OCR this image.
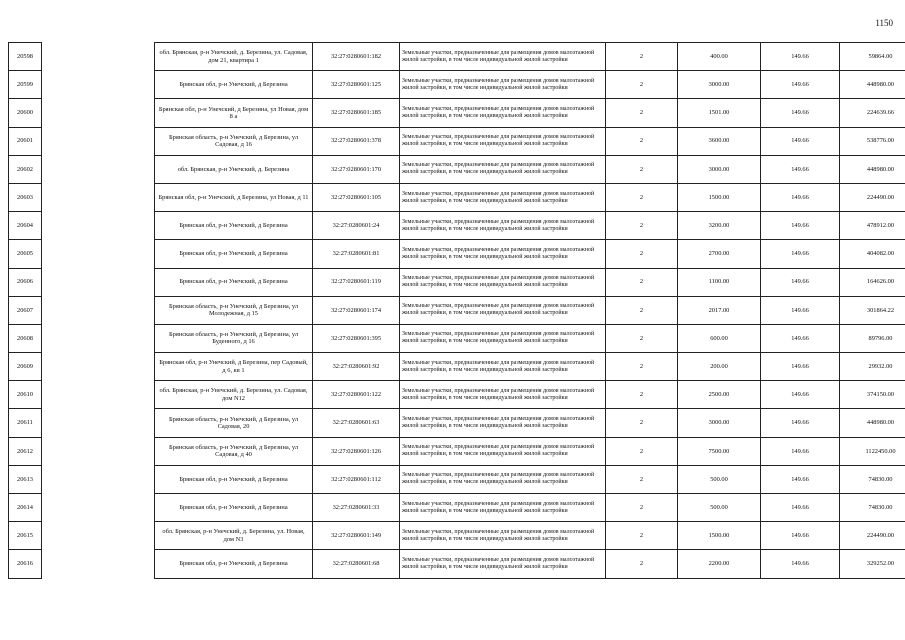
1150
20598		обл. Брянская, р-н Унечский, д. Березина, ул. Садовая, дом 21, квартира 1	32:27:0280601:182	Земельные участки, предназначенные для размещения домов малоэтажной жилой застройки, в том числе индивидуальной жилой застройки	2	400.00	149.66	59864.00
20599		Брянская обл, р-н Унечский, д Березина	32:27:0280601:125	Земельные участки, предназначенные для размещения домов малоэтажной жилой застройки, в том числе индивидуальной жилой застройки	2	3000.00	149.66	448980.00
20600		Брянская обл, р-н Унечский, д Березина, ул Новая, дом 8 а	32:27:0280601:185	Земельные участки, предназначенные для размещения домов малоэтажной жилой застройки, в том числе индивидуальной жилой застройки	2	1501.00	149.66	224639.66
20601		Брянская область, р-н Унечский, д Березина, ул Садовая, д 16	32:27:0280601:378	Земельные участки, предназначенные для размещения домов малоэтажной жилой застройки, в том числе индивидуальной жилой застройки	2	3600.00	149.66	538776.00
20602		обл. Брянская, р-н Унечский, д. Березина	32:27:0280601:170	Земельные участки, предназначенные для размещения домов малоэтажной жилой застройки, в том числе индивидуальной жилой застройки	2	3000.00	149.66	448980.00
20603		Брянская обл, р-н Унечский, д Березина, ул Новая, д 11	32:27:0280601:105	Земельные участки, предназначенные для размещения домов малоэтажной жилой застройки, в том числе индивидуальной жилой застройки	2	1500.00	149.66	224490.00
20604		Брянская обл, р-н Унечский, д Березина	32:27:0280601:24	Земельные участки, предназначенные для размещения домов малоэтажной жилой застройки, в том числе индивидуальной жилой застройки	2	3200.00	149.66	478912.00
20605		Брянская обл, р-н Унечский, д Березина	32:27:0280601:81	Земельные участки, предназначенные для размещения домов малоэтажной жилой застройки, в том числе индивидуальной жилой застройки	2	2700.00	149.66	404082.00
20606		Брянская обл, р-н Унечский, д Березина	32:27:0280601:119	Земельные участки, предназначенные для размещения домов малоэтажной жилой застройки, в том числе индивидуальной жилой застройки	2	1100.00	149.66	164626.00
20607		Брянская область, р-н Унечский, д Березина, ул Молодежная, д 15	32:27:0280601:174	Земельные участки, предназначенные для размещения домов малоэтажной жилой застройки, в том числе индивидуальной жилой застройки	2	2017.00	149.66	301864.22
20608		Брянская область, р-н Унечский, д Березина, ул Буденного, д 16	32:27:0280601:395	Земельные участки, предназначенные для размещения домов малоэтажной жилой застройки, в том числе индивидуальной жилой застройки	2	600.00	149.66	89796.00
20609		Брянская обл, р-н Унечский, д Березина, пер Садовый, д 6, кв 1	32:27:0280601:92	Земельные участки, предназначенные для размещения домов малоэтажной жилой застройки, в том числе индивидуальной жилой застройки	2	200.00	149.66	29932.00
20610		обл. Брянская, р-н Унечский, д. Березина, ул. Садовая, дом N12	32:27:0280601:122	Земельные участки, предназначенные для размещения домов малоэтажной жилой застройки, в том числе индивидуальной жилой застройки	2	2500.00	149.66	374150.00
20611		Брянская область, р-н Унечский, д Березина, ул Садовая, 20	32:27:0280601:63	Земельные участки, предназначенные для размещения домов малоэтажной жилой застройки, в том числе индивидуальной жилой застройки	2	3000.00	149.66	448980.00
20612		Брянская область, р-н Унечский, д Березина, ул Садовая, д 40	32:27:0280601:126	Земельные участки, предназначенные для размещения домов малоэтажной жилой застройки, в том числе индивидуальной жилой застройки	2	7500.00	149.66	1122450.00
20613		Брянская обл, р-н Унечский, д Березина	32:27:0280601:112	Земельные участки, предназначенные для размещения домов малоэтажной жилой застройки, в том числе индивидуальной жилой застройки	2	500.00	149.66	74830.00
20614		Брянская обл, р-н Унечский, д Березина	32:27:0280601:33	Земельные участки, предназначенные для размещения домов малоэтажной жилой застройки, в том числе индивидуальной жилой застройки	2	500.00	149.66	74830.00
20615		обл. Брянская, р-н Унечский, д. Березина, ул. Новая, дом N3	32:27:0280601:149	Земельные участки, предназначенные для размещения домов малоэтажной жилой застройки, в том числе индивидуальной жилой застройки	2	1500.00	149.66	224490.00
20616		Брянская обл, р-н Унечский, д Березина	32:27:0280601:68	Земельные участки, предназначенные для размещения домов малоэтажной жилой застройки, в том числе индивидуальной жилой застройки	2	2200.00	149.66	329252.00
